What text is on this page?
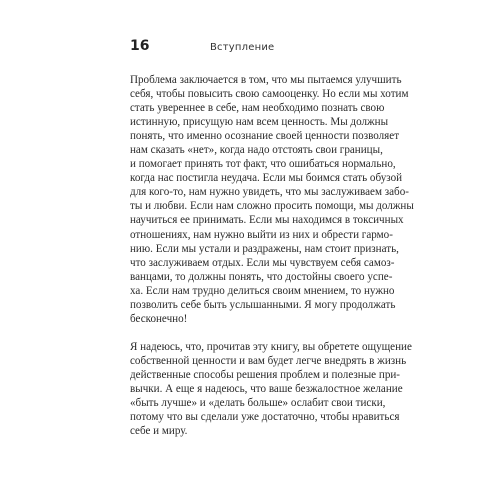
16	Вступление

Проблема заключается в том, что мы пытаемся улучшить
себя, чтобы повысить свою самооценку. Но если мы хотим
стать увереннее в себе, нам необходимо познать свою
истинную, присущую нам всем ценность. Мы должны
понять, что именно осознание своей ценности позволяет
нам сказать «нет», когда надо отстоять свои границы,
и помогает принять тот факт, что ошибаться нормально,
когда нас постигла неудача. Если мы боимся стать обузой
для кого-то, нам нужно увидеть, что мы заслуживаем забо-
ты и любви. Если нам сложно просить помощи, мы должны
научиться ее принимать. Если мы находимся в токсичных
отношениях, нам нужно выйти из них и обрести гармо-
нию. Если мы устали и раздражены, нам стоит признать,
что заслуживаем отдых. Если мы чувствуем себя самоз-
ванцами, то должны понять, что достойны своего успе-
ха. Если нам трудно делиться своим мнением, то нужно
позволить себе быть услышанными. Я могу продолжать
бесконечно!

Я надеюсь, что, прочитав эту книгу, вы обретете ощущение
собственной ценности и вам будет легче внедрять в жизнь
действенные способы решения проблем и полезные при-
вычки. А еще я надеюсь, что ваше безжалостное желание
«быть лучше» и «делать больше» ослабит свои тиски,
потому что вы сделали уже достаточно, чтобы нравиться
себе и миру.
